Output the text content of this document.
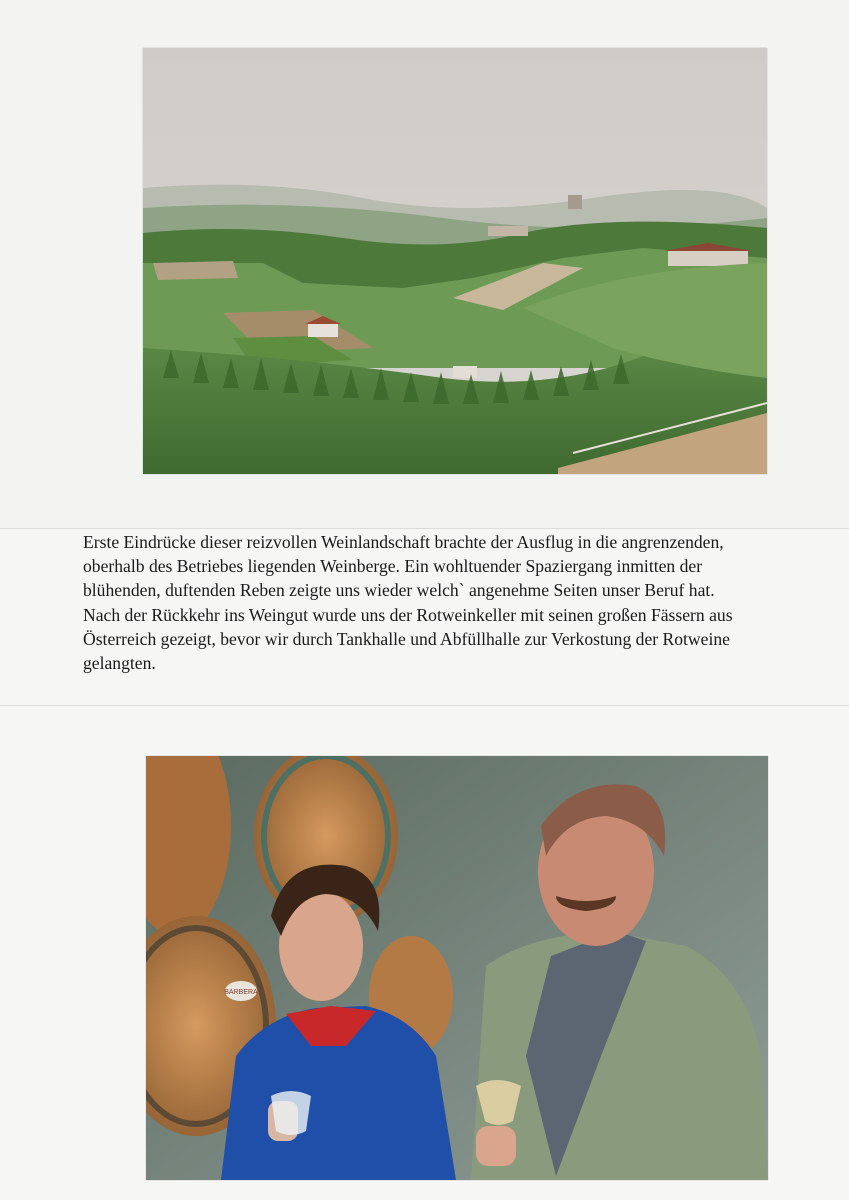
Erste Eindrücke dieser reizvollen Weinlandschaft brachte der Ausflug in die angrenzenden, oberhalb des Betriebes liegenden Weinberge. Ein wohltuender Spaziergang inmitten der blühenden, duftenden Reben zeigte uns wieder welch` angenehme Seiten unser Beruf hat.

Nach der Rückkehr ins Weingut wurde uns der Rotweinkeller mit seinen großen Fässern aus Österreich gezeigt, bevor wir durch Tankhalle und Abfüllhalle zur Verkostung der Rotweine gelangten.

BARBERA
